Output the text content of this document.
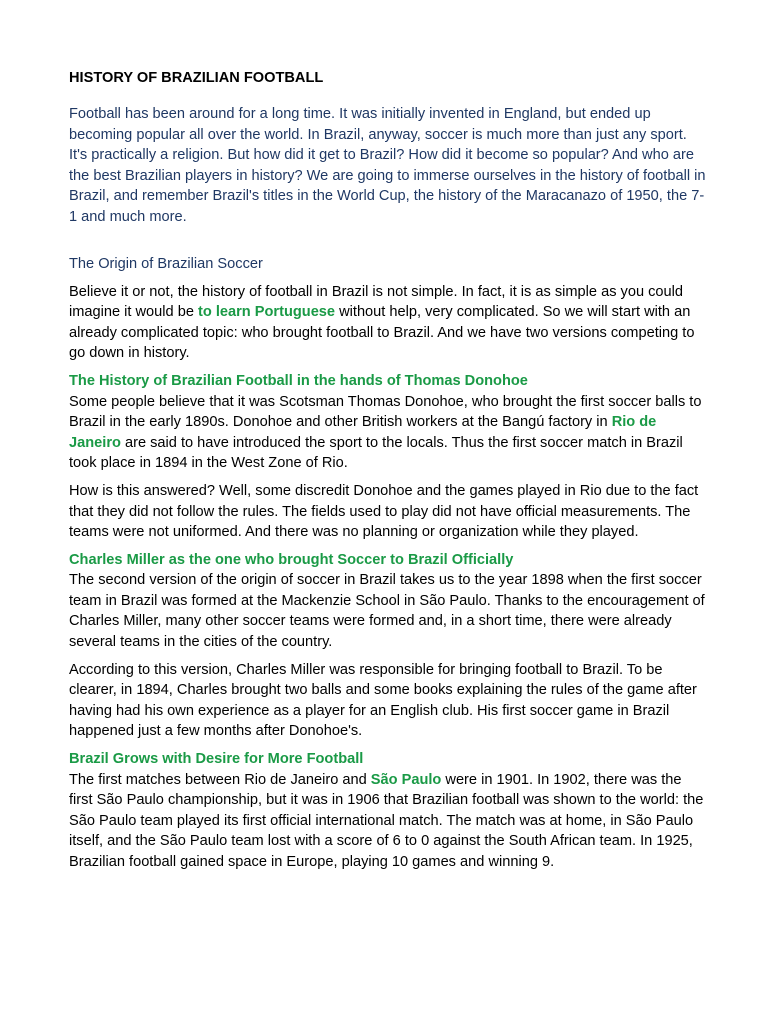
HISTORY OF BRAZILIAN FOOTBALL
Football has been around for a long time. It was initially invented in England, but ended up becoming popular all over the world. In Brazil, anyway, soccer is much more than just any sport. It's practically a religion. But how did it get to Brazil? How did it become so popular? And who are the best Brazilian players in history? We are going to immerse ourselves in the history of football in Brazil, and remember Brazil's titles in the World Cup, the history of the Maracanazo of 1950, the 7-1 and much more.
The Origin of Brazilian Soccer
Believe it or not, the history of football in Brazil is not simple. In fact, it is as simple as you could imagine it would be to learn Portuguese without help, very complicated. So we will start with an already complicated topic: who brought football to Brazil. And we have two versions competing to go down in history.
The History of Brazilian Football in the hands of Thomas Donohoe
Some people believe that it was Scotsman Thomas Donohoe, who brought the first soccer balls to Brazil in the early 1890s. Donohoe and other British workers at the Bangú factory in Rio de Janeiro are said to have introduced the sport to the locals. Thus the first soccer match in Brazil took place in 1894 in the West Zone of Rio.
How is this answered? Well, some discredit Donohoe and the games played in Rio due to the fact that they did not follow the rules. The fields used to play did not have official measurements. The teams were not uniformed. And there was no planning or organization while they played.
Charles Miller as the one who brought Soccer to Brazil Officially
The second version of the origin of soccer in Brazil takes us to the year 1898 when the first soccer team in Brazil was formed at the Mackenzie School in São Paulo. Thanks to the encouragement of Charles Miller, many other soccer teams were formed and, in a short time, there were already several teams in the cities of the country.
According to this version, Charles Miller was responsible for bringing football to Brazil. To be clearer, in 1894, Charles brought two balls and some books explaining the rules of the game after having had his own experience as a player for an English club. His first soccer game in Brazil happened just a few months after Donohoe's.
Brazil Grows with Desire for More Football
The first matches between Rio de Janeiro and São Paulo were in 1901. In 1902, there was the first São Paulo championship, but it was in 1906 that Brazilian football was shown to the world: the São Paulo team played its first official international match. The match was at home, in São Paulo itself, and the São Paulo team lost with a score of 6 to 0 against the South African team. In 1925, Brazilian football gained space in Europe, playing 10 games and winning 9.
